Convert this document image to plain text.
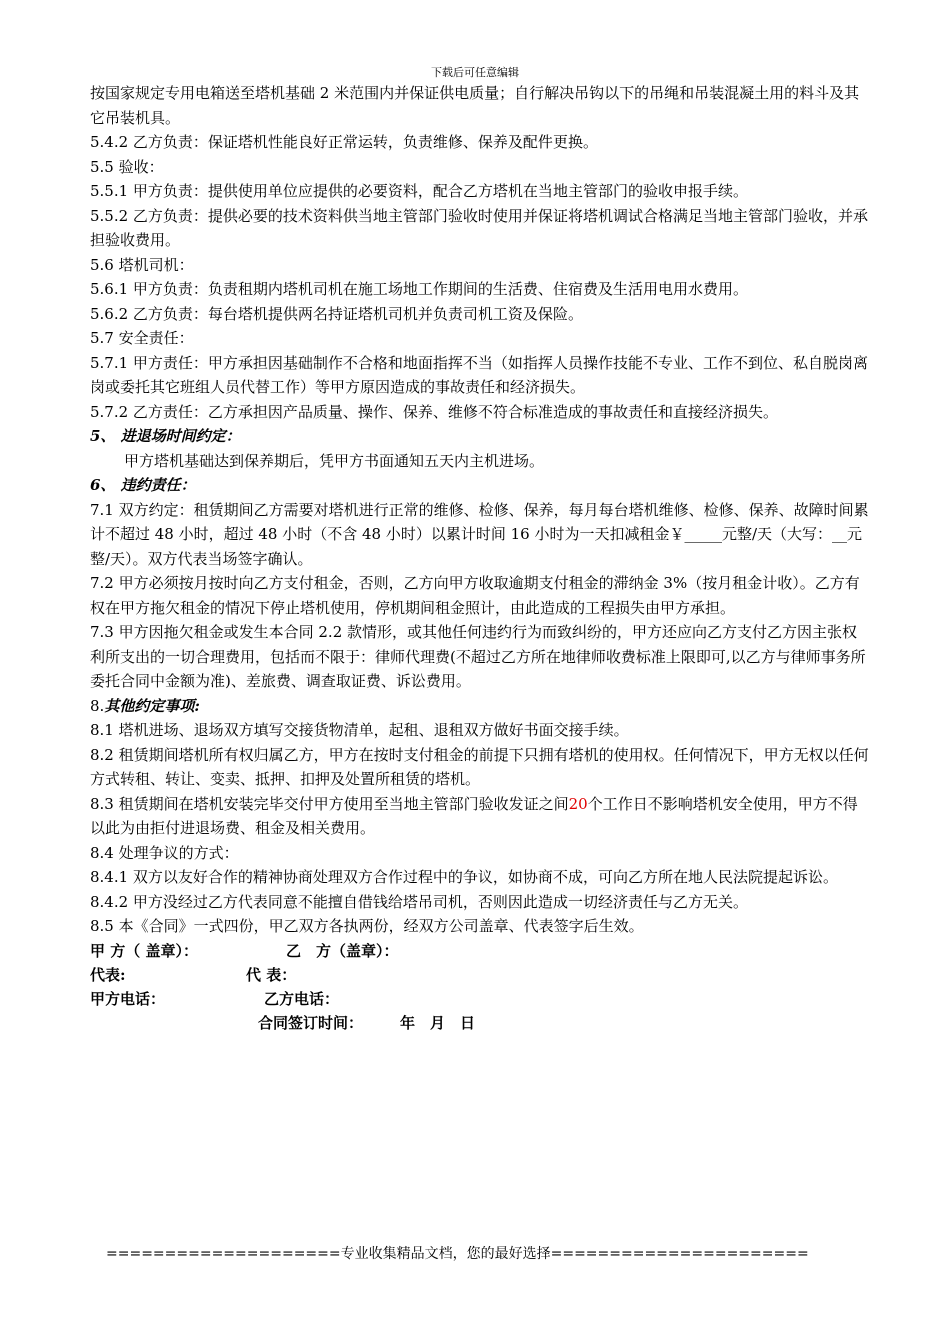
下载后可任意编辑

按国家规定专用电箱送至塔机基础 2 米范围内并保证供电质量；自行解决吊钩以下的吊绳和吊装混凝土用的料斗及其它吊装机具。

5.4.2 乙方负责：保证塔机性能良好正常运转，负责维修、保养及配件更换。

5.5 验收：

5.5.1 甲方负责：提供使用单位应提供的必要资料，配合乙方塔机在当地主管部门的验收申报手续。

5.5.2 乙方负责：提供必要的技术资料供当地主管部门验收时使用并保证将塔机调试合格满足当地主管部门验收，并承担验收费用。

5.6 塔机司机：

5.6.1 甲方负责：负责租期内塔机司机在施工场地工作期间的生活费、住宿费及生活用电用水费用。

5.6.2 乙方负责：每台塔机提供两名持证塔机司机并负责司机工资及保险。

5.7 安全责任：

5.7.1 甲方责任：甲方承担因基础制作不合格和地面指挥不当（如指挥人员操作技能不专业、工作不到位、私自脱岗离岗或委托其它班组人员代替工作）等甲方原因造成的事故责任和经济损失。

5.7.2 乙方责任：乙方承担因产品质量、操作、保养、维修不符合标准造成的事故责任和直接经济损失。

5、 进退场时间约定：

甲方塔机基础达到保养期后，凭甲方书面通知五天内主机进场。

6、 违约责任：

7.1 双方约定：租赁期间乙方需要对塔机进行正常的维修、检修、保养，每月每台塔机维修、检修、保养、故障时间累计不超过 48 小时，超过 48 小时（不含 48 小时）以累计时间 16 小时为一天扣减租金￥_____元整/天（大写：__元整/天）。双方代表当场签字确认。

7.2 甲方必须按月按时向乙方支付租金，否则，乙方向甲方收取逾期支付租金的滞纳金 3%（按月租金计收）。乙方有权在甲方拖欠租金的情况下停止塔机使用，停机期间租金照计，由此造成的工程损失由甲方承担。

7.3 甲方因拖欠租金或发生本合同 2.2 款情形，或其他任何违约行为而致纠纷的，甲方还应向乙方支付乙方因主张权利所支出的一切合理费用，包括而不限于：律师代理费(不超过乙方所在地律师收费标准上限即可,以乙方与律师事务所委托合同中金额为准)、差旅费、调查取证费、诉讼费用。

8.其他约定事项:

8.1 塔机进场、退场双方填写交接货物清单，起租、退租双方做好书面交接手续。

8.2 租赁期间塔机所有权归属乙方，甲方在按时支付租金的前提下只拥有塔机的使用权。任何情况下，甲方无权以任何方式转租、转让、变卖、抵押、扣押及处置所租赁的塔机。

8.3 租赁期间在塔机安装完毕交付甲方使用至当地主管部门验收发证之间20个工作日不影响塔机安全使用，甲方不得以此为由拒付进退场费、租金及相关费用。

8.4 处理争议的方式：

8.4.1 双方以友好合作的精神协商处理双方合作过程中的争议，如协商不成，可向乙方所在地人民法院提起诉讼。

8.4.2 甲方没经过乙方代表同意不能擅自借钱给塔吊司机，否则因此造成一切经济责任与乙方无关。

8.5 本《合同》一式四份，甲乙双方各执两份，经双方公司盖章、代表签字后生效。

甲 方（ 盖章）：	乙　方（盖章）：
代表:	代 表：
甲方电话：	乙方电话：
合同签订时间： 年　月　日
====================专业收集精品文档，您的最好选择======================
